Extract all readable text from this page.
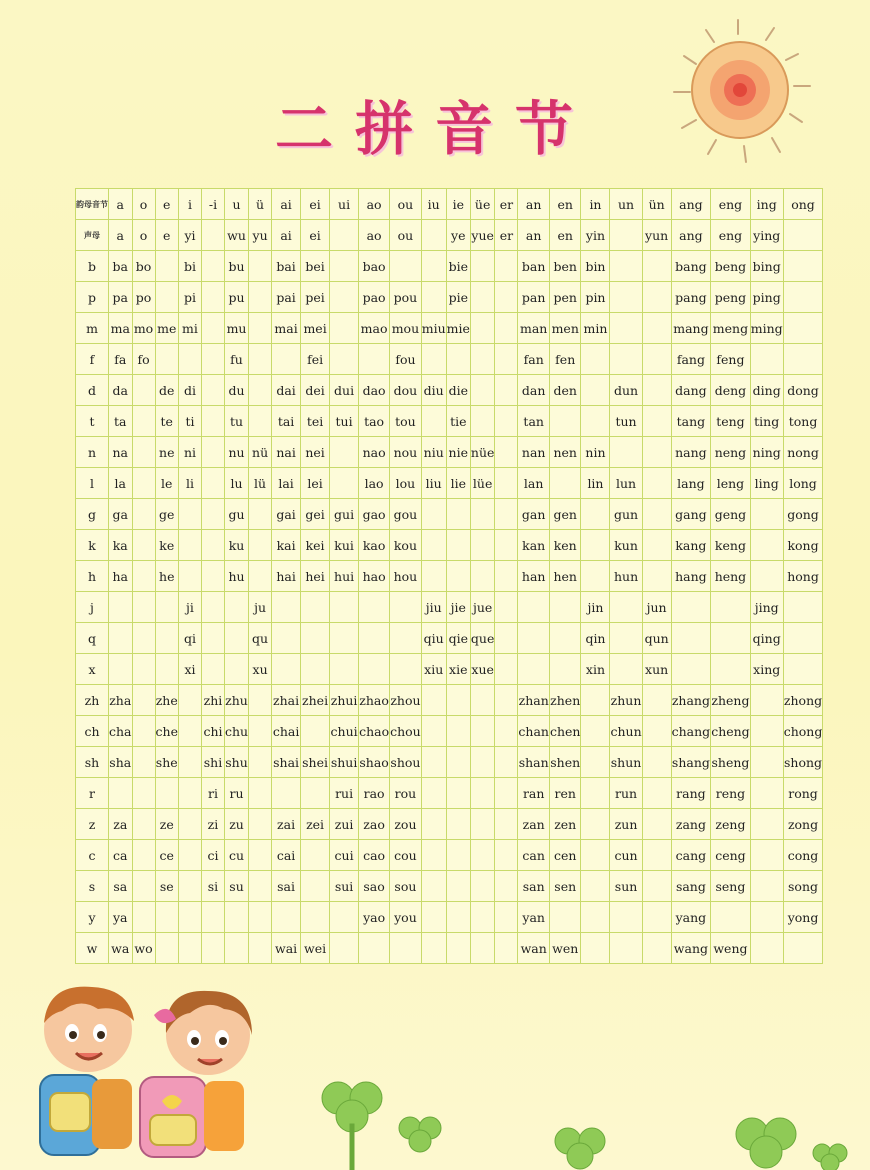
二拼音节
韵母音节	a	o	e	i	-i	u	ü	ai	ei	ui	ao	ou	iu	ie	üe	er	an	en	in	un	ün	ang	eng	ing	ong
声母	a	o	e	yi		wu	yu	ai	ei		ao	ou		ye	yue	er	an	en	yin		yun	ang	eng	ying	
b	ba	bo		bi		bu		bai	bei		bao			bie			ban	ben	bin			bang	beng	bing	
p	pa	po		pi		pu		pai	pei		pao	pou		pie			pan	pen	pin			pang	peng	ping	
m	ma	mo	me	mi		mu		mai	mei		mao	mou	miu	mie			man	men	min			mang	meng	ming	
f	fa	fo				fu			fei			fou					fan	fen				fang	feng		
d	da		de	di		du		dai	dei	dui	dao	dou	diu	die			dan	den		dun		dang	deng	ding	dong
t	ta		te	ti		tu		tai	tei	tui	tao	tou		tie			tan			tun		tang	teng	ting	tong
n	na		ne	ni		nu	nü	nai	nei		nao	nou	niu	nie	nüe		nan	nen	nin			nang	neng	ning	nong
l	la		le	li		lu	lü	lai	lei		lao	lou	liu	lie	lüe		lan		lin	lun		lang	leng	ling	long
g	ga		ge			gu		gai	gei	gui	gao	gou					gan	gen		gun		gang	geng		gong
k	ka		ke			ku		kai	kei	kui	kao	kou					kan	ken		kun		kang	keng		kong
h	ha		he			hu		hai	hei	hui	hao	hou					han	hen		hun		hang	heng		hong
j				ji			ju						jiu	jie	jue				jin		jun			jing	
q				qi			qu						qiu	qie	que				qin		qun			qing	
x				xi			xu						xiu	xie	xue				xin		xun			xing	
zh	zha		zhe		zhi	zhu		zhai	zhei	zhui	zhao	zhou					zhan	zhen		zhun		zhang	zheng		zhong
ch	cha		che		chi	chu		chai		chui	chao	chou					chan	chen		chun		chang	cheng		chong
sh	sha		she		shi	shu		shai	shei	shui	shao	shou					shan	shen		shun		shang	sheng		shong
r					ri	ru				rui	rao	rou					ran	ren		run		rang	reng		rong
z	za		ze		zi	zu		zai	zei	zui	zao	zou					zan	zen		zun		zang	zeng		zong
c	ca		ce		ci	cu		cai		cui	cao	cou					can	cen		cun		cang	ceng		cong
s	sa		se		si	su		sai		sui	sao	sou					san	sen		sun		sang	seng		song
y	ya										yao	you					yan					yang			yong
w	wa	wo						wai	wei								wan	wen				wang	weng		
